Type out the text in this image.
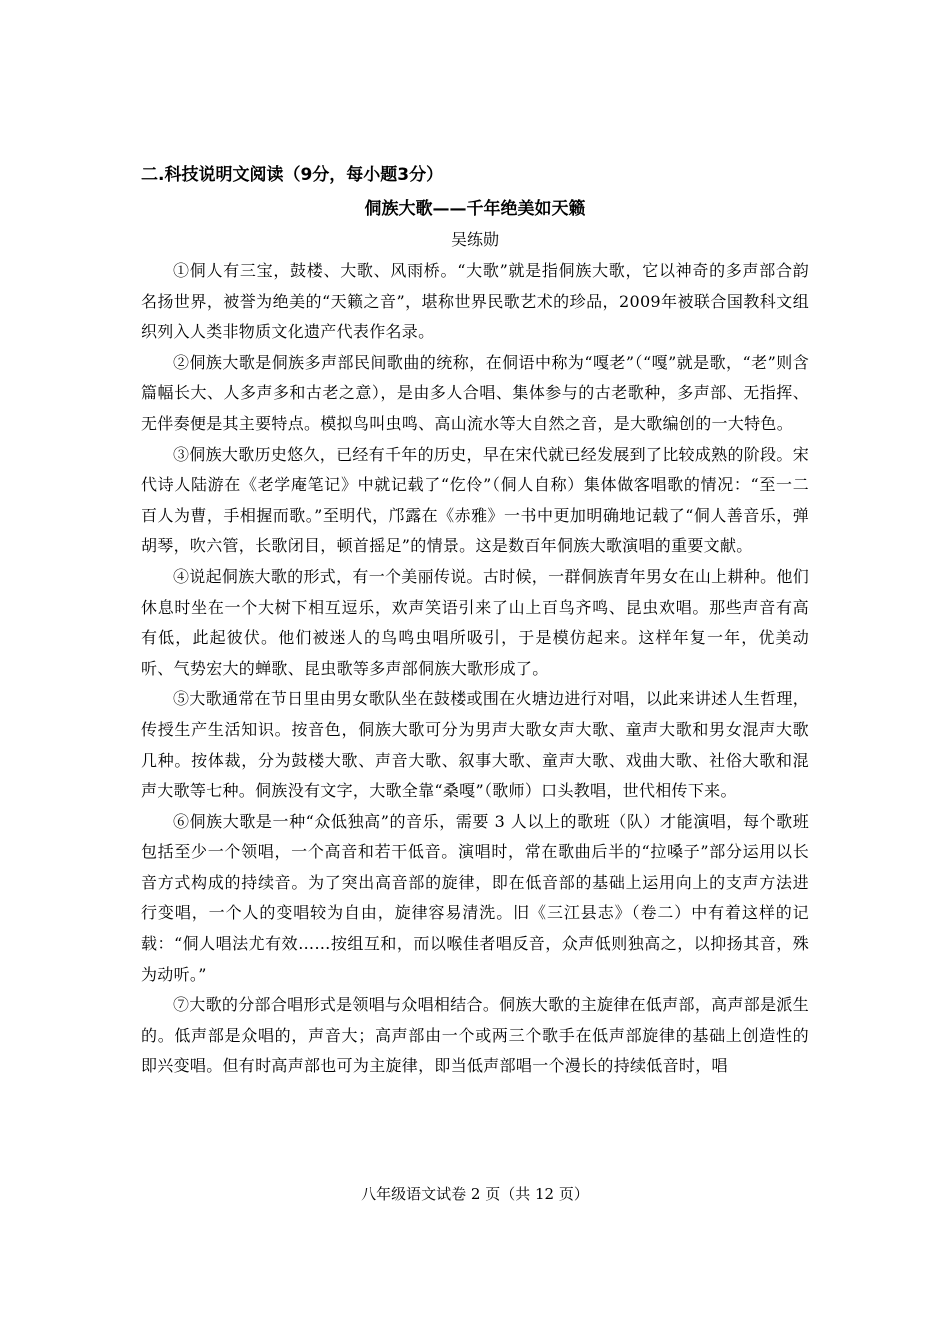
二.科技说明文阅读（9分，每小题3分）
侗族大歌——千年绝美如天籁
吴练勋

①侗人有三宝，鼓楼、大歌、风雨桥。“大歌”就是指侗族大歌，它以神奇的多声部合韵名扬世界，被誉为绝美的“天籁之音”，堪称世界民歌艺术的珍品，2009年被联合国教科文组织列入人类非物质文化遗产代表作名录。

②侗族大歌是侗族多声部民间歌曲的统称，在侗语中称为“嘎老”（“嘎”就是歌，“老”则含篇幅长大、人多声多和古老之意），是由多人合唱、集体参与的古老歌种，多声部、无指挥、无伴奏便是其主要特点。模拟鸟叫虫鸣、高山流水等大自然之音，是大歌编创的一大特色。

③侗族大歌历史悠久，已经有千年的历史，早在宋代就已经发展到了比较成熟的阶段。宋代诗人陆游在《老学庵笔记》中就记载了“仡伶”（侗人自称）集体做客唱歌的情况：“至一二百人为曹，手相握而歌。”至明代，邝露在《赤雅》一书中更加明确地记载了“侗人善音乐，弹胡琴，吹六管，长歌闭目，顿首摇足”的情景。这是数百年侗族大歌演唱的重要文献。

④说起侗族大歌的形式，有一个美丽传说。古时候，一群侗族青年男女在山上耕种。他们休息时坐在一个大树下相互逗乐，欢声笑语引来了山上百鸟齐鸣、昆虫欢唱。那些声音有高有低，此起彼伏。他们被迷人的鸟鸣虫唱所吸引，于是模仿起来。这样年复一年，优美动听、气势宏大的蝉歌、昆虫歌等多声部侗族大歌形成了。

⑤大歌通常在节日里由男女歌队坐在鼓楼或围在火塘边进行对唱，以此来讲述人生哲理，传授生产生活知识。按音色，侗族大歌可分为男声大歌女声大歌、童声大歌和男女混声大歌几种。按体裁，分为鼓楼大歌、声音大歌、叙事大歌、童声大歌、戏曲大歌、社俗大歌和混声大歌等七种。侗族没有文字，大歌全靠“桑嘎”（歌师）口头教唱，世代相传下来。

⑥侗族大歌是一种“众低独高”的音乐，需要 3 人以上的歌班（队）才能演唱，每个歌班包括至少一个领唱，一个高音和若干低音。演唱时，常在歌曲后半的“拉嗓子”部分运用以长音方式构成的持续音。为了突出高音部的旋律，即在低音部的基础上运用向上的支声方法进行变唱，一个人的变唱较为自由，旋律容易清洗。旧《三江县志》（卷二）中有着这样的记载：“侗人唱法尤有效……按组互和，而以喉佳者唱反音，众声低则独高之，以抑扬其音，殊为动听。”

⑦大歌的分部合唱形式是领唱与众唱相结合。侗族大歌的主旋律在低声部，高声部是派生的。低声部是众唱的，声音大；高声部由一个或两三个歌手在低声部旋律的基础上创造性的即兴变唱。但有时高声部也可为主旋律，即当低声部唱一个漫长的持续低音时，唱

八年级语文试卷 2 页（共 12 页）
